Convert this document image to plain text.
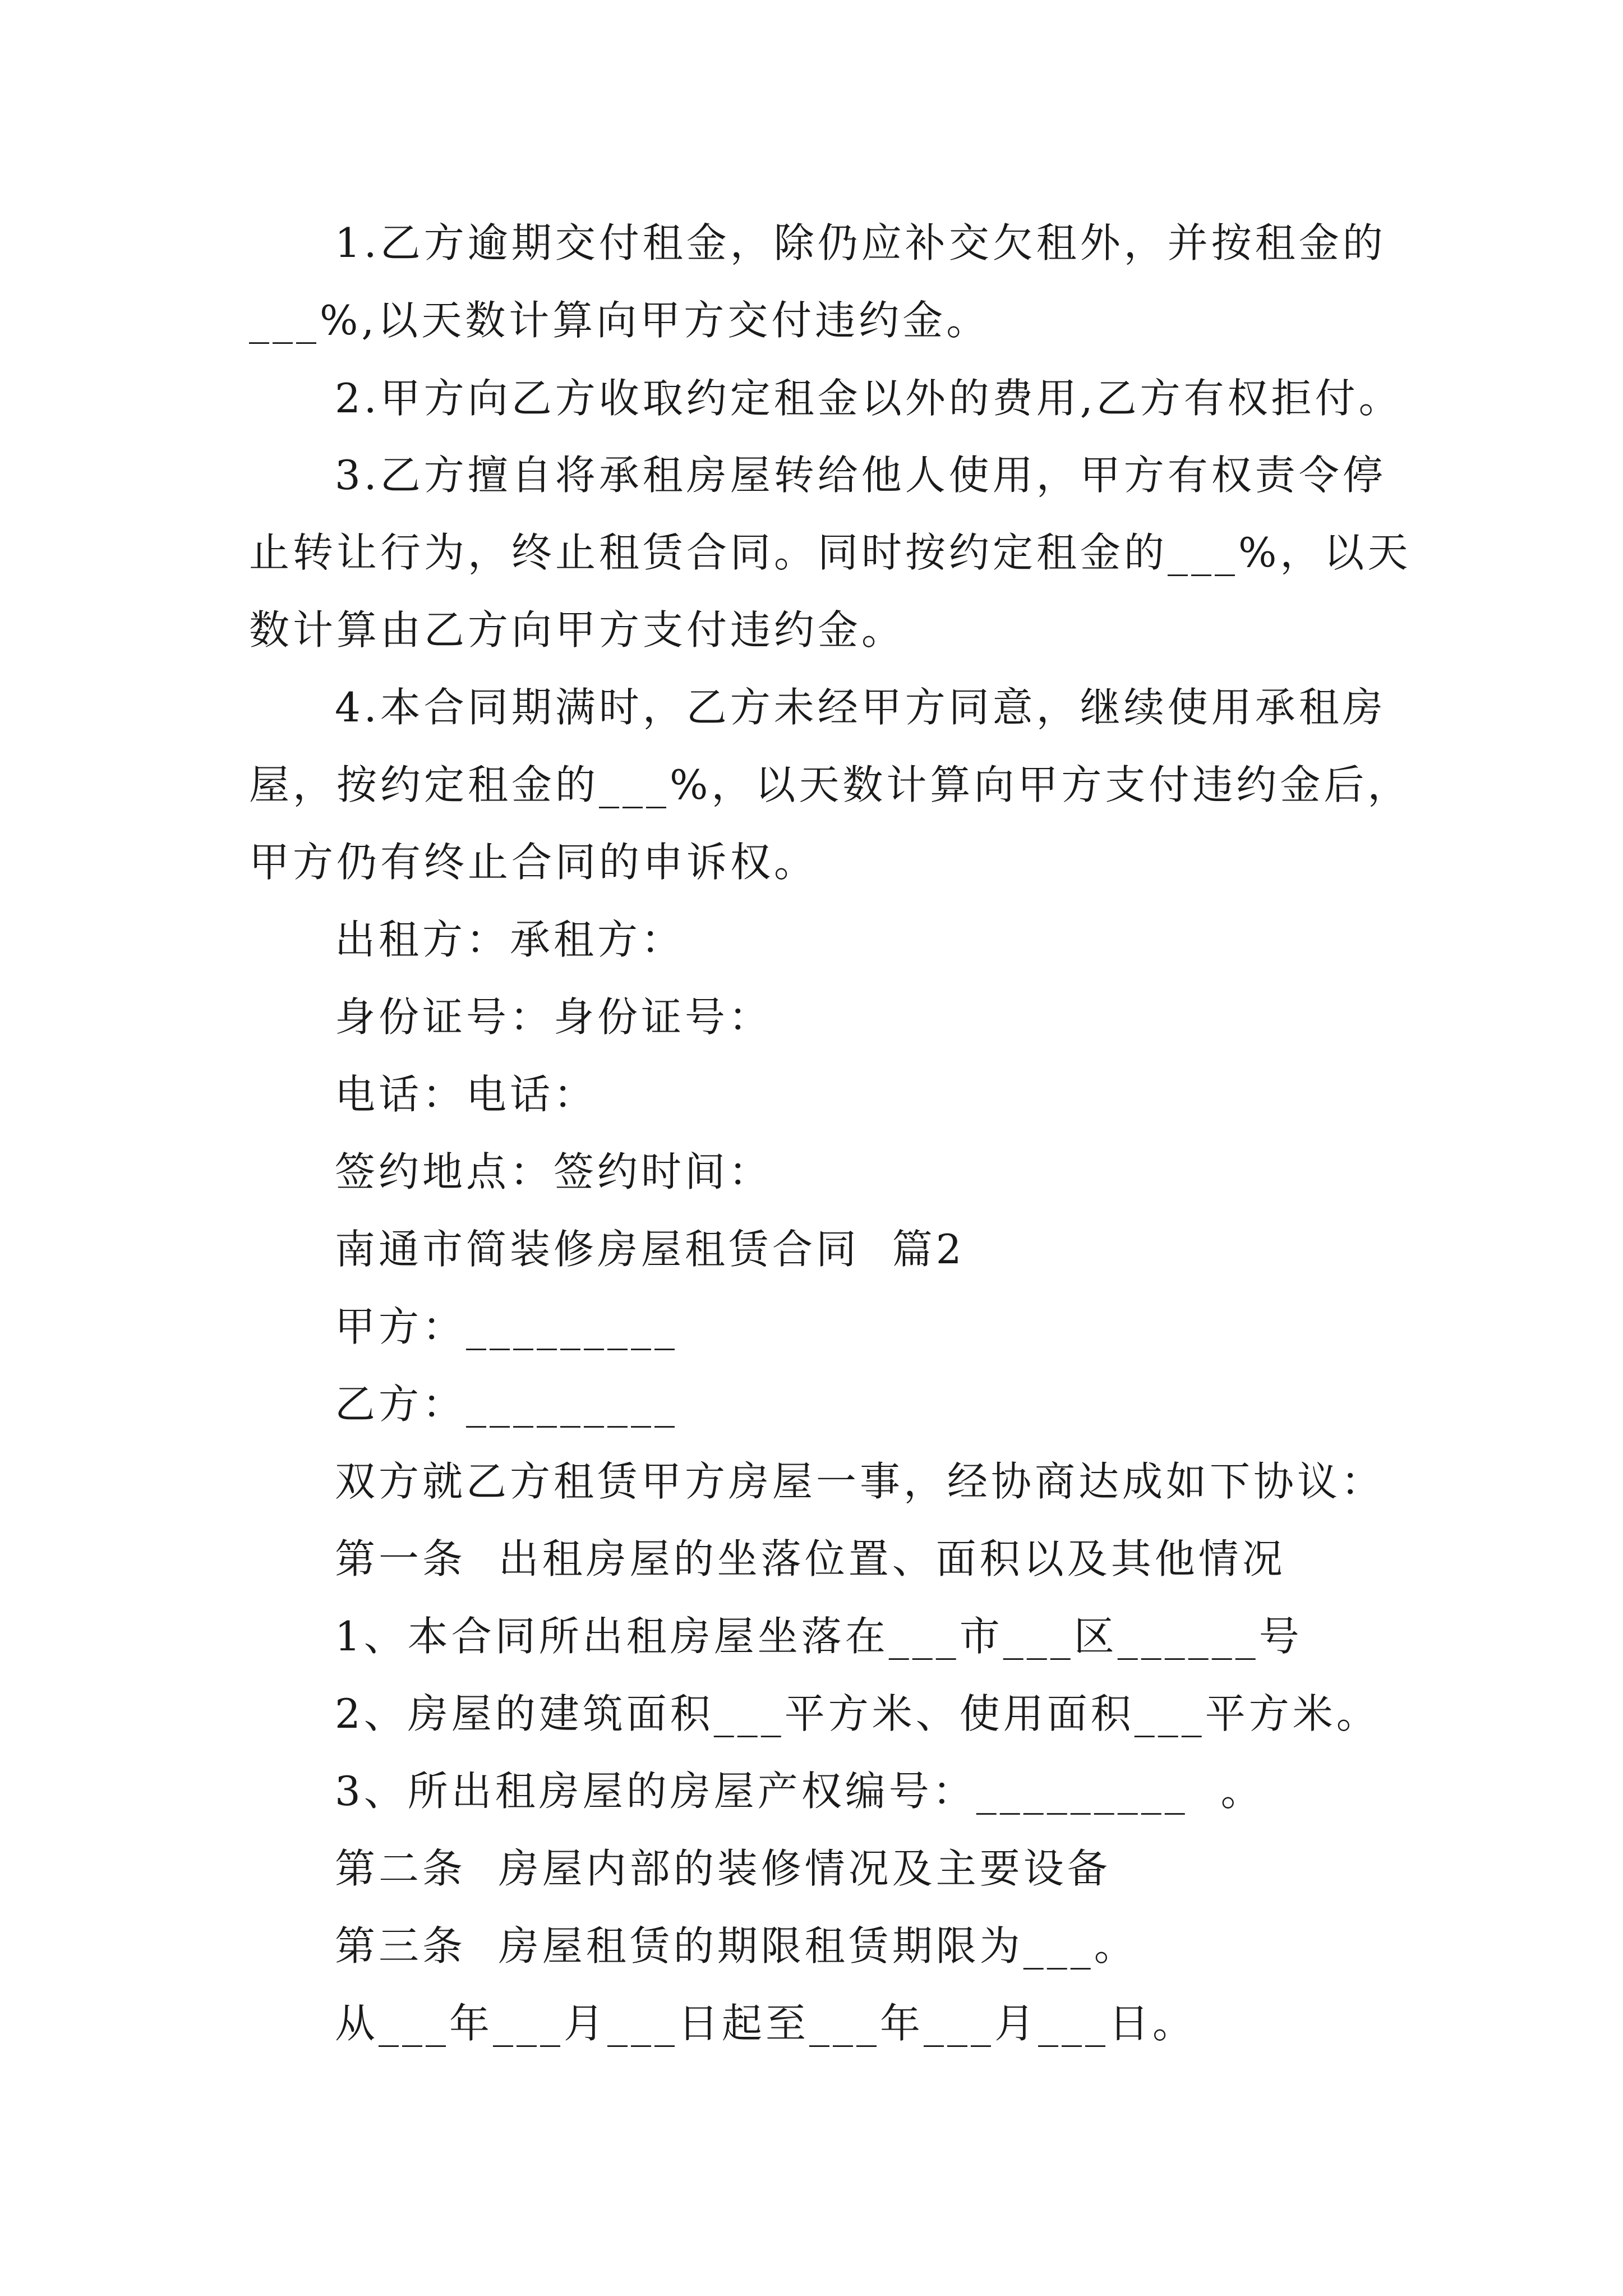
1.乙方逾期交付租金，除仍应补交欠租外，并按租金的
___%,以天数计算向甲方交付违约金。
2.甲方向乙方收取约定租金以外的费用,乙方有权拒付。
3.乙方擅自将承租房屋转给他人使用，甲方有权责令停
止转让行为，终止租赁合同。同时按约定租金的___%，以天
数计算由乙方向甲方支付违约金。
4.本合同期满时，乙方未经甲方同意，继续使用承租房
屋，按约定租金的___%，以天数计算向甲方支付违约金后，
甲方仍有终止合同的申诉权。
出租方：承租方：
身份证号：身份证号：
电话：电话：
签约地点：签约时间：
南通市简装修房屋租赁合同  篇2
甲方：_________
乙方：_________
双方就乙方租赁甲方房屋一事，经协商达成如下协议：
第一条  出租房屋的坐落位置、面积以及其他情况
1、本合同所出租房屋坐落在___市___区______号
2、房屋的建筑面积___平方米、使用面积___平方米。
3、所出租房屋的房屋产权编号：_________  。
第二条  房屋内部的装修情况及主要设备
第三条  房屋租赁的期限租赁期限为___。
从___年___月___日起至___年___月___日。
